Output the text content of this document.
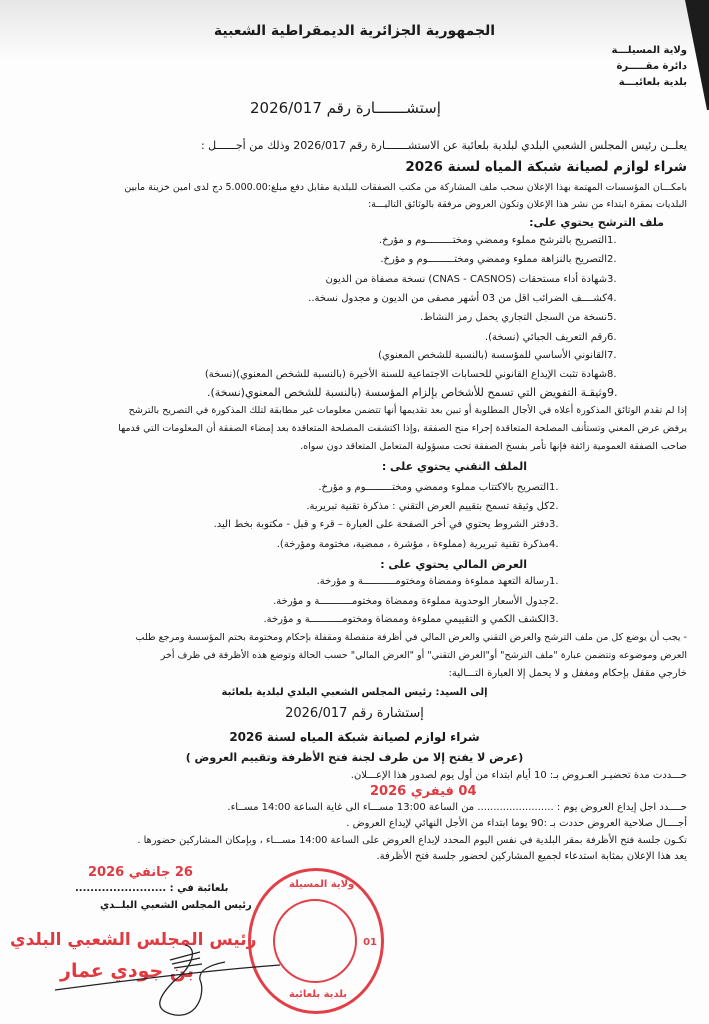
الجمهورية الجزائرية الديمقراطية الشعبية
ولاية المسيلـــة
دائرة مقـــــرة
بلدية بلعائبـــة
إستشـــــــارة رقم 2026/017
يعلــن رئيس المجلس الشعبي البلدي لبلدية بلعائبة عن الاستشـــــــارة رقم 2026/017 وذلك من أجــــــل :
شراء لوازم لصيانة شبكة المياه لسنة 2026
بامكـــان المؤسسات المهتمة بهذا الإعلان سحب ملف المشاركة من مكتب الصفقات للبلدية مقابل دفع مبلغ:5.000.00 دج لدى امين خزينة مابين
البلديات بمقرة ابتداء من نشر هذا الإعلان وتكون العروض مرفقة بالوثائق التاليـــة:
ملف الترشح يحتوي على:
.1التصريح بالترشح مملوء وممضي ومختـــــــــوم و مؤرخ.
.2التصريح بالنزاهة مملوء وممضي ومختـــــــــوم و مؤرخ.
.3شهادة أداء مستحقات (CNAS - CASNOS) نسخة مصفاة من الديون
.4كشــــف الضرائب اقل من 03 أشهر مصفى من الديون و مجدول نسخة..
.5نسخة من السجل التجاري يحمل رمز النشاط.
.6رقم التعريف الجبائي (نسخة).
.7القانوني الأساسي للمؤسسة (بالنسبة للشخص المعنوي)
.8شهادة تثبت الإيداع القانوني للحسابات الاجتماعية للسنة الأخيرة (بالنسبة للشخص المعنوي)(نسخة)
.9وثيقـة التفويض التي تسمح للأشخاص بإلزام المؤسسة (بالنسبة للشخص المعنوي(نسخة).
إذا لم تقدم الوثائق المذكورة أعلاه في الأجال المطلوبة أو تبين بعد تقديمها أنها تتضمن معلومات غير مطابقة لتلك المذكورة في التصريح بالترشح
يرفض عرض المعني وتستأنف المصلحة المتعاقدة إجراء منح الصفقة ,وإذا اكتشفت المصلحة المتعاقدة بعد إمضاء الصفقة أن المعلومات التي قدمها
صاحب الصفقة العمومية زائفة فإنها تأمر بفسخ الصفقة تحت مسؤولية المتعامل المتعاقد دون سواه.
الملف التقني يحتوي على :
.1التصريح بالاكتتاب مملوء وممضي ومختـــــــــوم و مؤرخ.
.2كل وثيقة تسمح بتقييم العرض التقني : مذكرة تقنية تبريرية.
.3دفتر الشروط يحتوي في أخر الصفحة على العبارة – قرء و قبل - مكتوبة بخط اليد.
.4مذكرة تقنية تبريرية (مملوءة ، مؤشرة ، ممضية، مختومة ومؤرخة).
العرض المالي يحتوي على :
.1رسالة التعهد مملوءة وممضاة ومختومـــــــــــة و مؤرخة.
.2جدول الأسعار الوحدوية مملوءة وممضاة ومختومـــــــــــة و مؤرخة.
.3الكشف الكمي و التقييمي مملوءة وممضاة ومختومـــــــــــة و مؤرخة.
- يجب أن يوضع كل من ملف الترشح والعرض التقني والعرض المالي في أظرفة منفصلة ومقفلة بإحكام ومختومة بختم المؤسسة ومرجع طلب
العرض وموضوعه وتتضمن عبارة "ملف الترشح" أو"العرض التقني" أو "العرض المالي" حسب الحالة وتوضع هذه الأظرفة في ظرف أخر
خارجي مقفل بإحكام ومغفل و لا يحمل إلا العبارة التـــالية:
إلى السيد: رئيس المجلس الشعبي البلدي لبلدية بلعائبة
إستشارة رقم 2026/017
شراء لوازم لصيانة شبكة المياه لسنة 2026
(عرض لا يفتح إلا من طرف لجنة فتح الأظرفة وتقييم العروض )
حـــددت مدة تحضيـر العـروض بـ: 10 أيام ابتداء من أول يوم لصدور هذا الإعـــلان.
04 فيفري 2026
حــــدد اجل إيداع العروض يوم : ........................ من الساعة 13:00 مســـاء الى غاية الساعة 14:00 مســاء.
أجــــال صلاحية العروض حددت بـ :90 يوما ابتداء من الأجل النهائي لإيداع العروض .
تكـون جلسة فتح الأظرفة بمقر البلدية في نفس اليوم المحدد لإيداع العروض على الساعة 14:00 مســـاء ، وبإمكان المشاركين حضورها .
يعد هذا الإعلان بمثابة استدعاء لجميع المشاركين لحضور جلسة فتح الأظرفة.
26 جانفي 2026
بلعائبة في : ........................
رئيس المجلس الشعبي البلــدي
ولاية المسيلة
بلدية بلعائبة
01
رئيس المجلس الشعبي البلدي
بن جودي عمار
